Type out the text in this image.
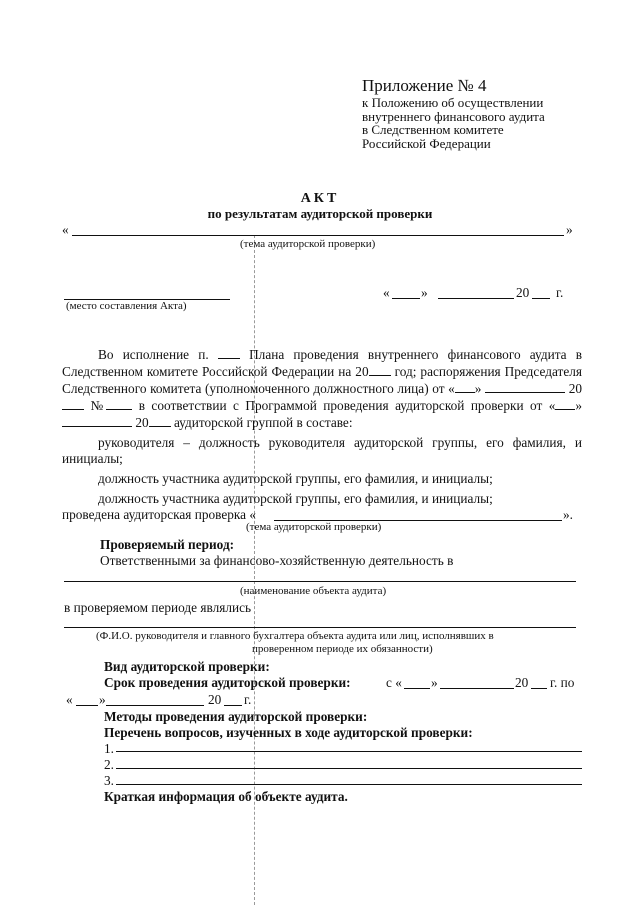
Приложение № 4
к Положению об осуществлении
внутреннего финансового аудита
в Следственном комитете
Российской Федерации
АКТ
по результатам аудиторской проверки
«	»
(тема аудиторской проверки)
(место составления Акта)
« »	20 г.

Во исполнение п.	Плана проведения внутреннего финансового аудита в Следственном комитете Российской Федерации на 20 год; распоряжения Председателя Следственного комитета (уполномоченного должностного лица) от « »	20 № в соответствии с Программой проведения аудиторской проверки от « »  20 аудиторской группой в составе:

руководителя – должность руководителя аудиторской группы, его фамилия, и инициалы;

должность участника аудиторской группы, его фамилия, и инициалы;

должность участника аудиторской группы, его фамилия, и инициалы;

проведена аудиторская проверка «	».
(тема аудиторской проверки)
Проверяемый период:
Ответственными за финансово-хозяйственную деятельность в
(наименование объекта аудита)
в проверяемом периоде являлись
(Ф.И.О. руководителя и главного бухгалтера объекта аудита или лиц, исполнявших в
проверенном периоде их обязанности)
Вид аудиторской проверки:
Срок проведения аудиторской проверки:	с « »	20 г. по
« »	20 г.
Методы проведения аудиторской проверки:
Перечень вопросов, изученных в ходе аудиторской проверки:
1.
2.
3.
Краткая информация об объекте аудита.
